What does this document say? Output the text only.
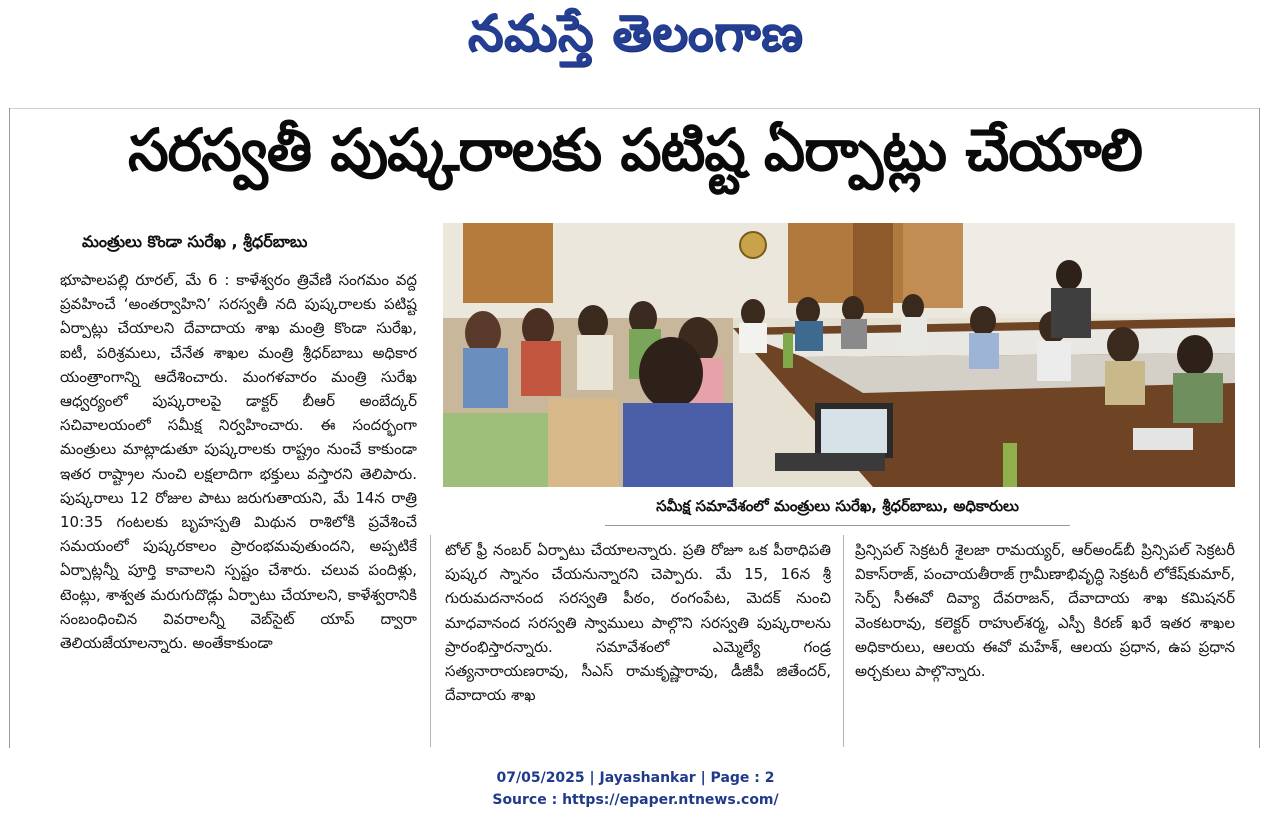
నమస్తే తెలంగాణ
సరస్వతీ పుష్కరాలకు పటిష్ట ఏర్పాట్లు చేయాలి
మంత్రులు కొండా సురేఖ , శ్రీధర్‌బాబు
భూపాలపల్లి రూరల్‌, మే 6 : కాళేశ్వరం త్రివేణి సంగమం వద్ద ప్రవహించే ‘అంతర్వాహిని’ సరస్వతీ నది పుష్కరాలకు పటిష్ట ఏర్పాట్లు చేయాలని దేవాదాయ శాఖ మంత్రి కొండా సురేఖ, ఐటీ, పరిశ్రమలు, చేనేత శాఖల మంత్రి శ్రీధర్‌బాబు అధికార యంత్రాంగాన్ని ఆదేశించారు. మంగళవారం మంత్రి సురేఖ ఆధ్వర్యంలో పుష్కరాలపై డాక్టర్‌ బీఆర్‌ అంబేద్కర్‌ సచివాలయంలో సమీక్ష నిర్వహించారు. ఈ సందర్భంగా మంత్రులు మాట్లాడుతూ పుష్కరాలకు రాష్ట్రం నుంచే కాకుండా ఇతర రాష్ట్రాల నుంచి లక్షలాదిగా భక్తులు వస్తారని తెలిపారు. పుష్కరాలు 12 రోజుల పాటు జరుగుతాయని, మే 14న రాత్రి 10:35 గంటలకు బృహస్పతి మిథున రాశిలోకి ప్రవేశించే సమయంలో పుష్కరకాలం ప్రారంభమవుతుందని, అప్పటికే ఏర్పాట్లన్నీ పూర్తి కావాలని స్పష్టం చేశారు. చలువ పందిళ్లు, టెంట్లు, శాశ్వత మరుగుదొడ్లు ఏర్పాటు చేయాలని, కాళేశ్వరానికి సంబంధించిన వివరాలన్నీ వెబ్‌సైట్‌ యాప్‌ ద్వారా తెలియజేయాలన్నారు. అంతేకాకుండా
సమీక్ష సమావేశంలో మంత్రులు సురేఖ, శ్రీధర్‌బాబు, అధికారులు
టోల్‌ ఫ్రీ నంబర్‌ ఏర్పాటు చేయాలన్నారు. ప్రతి రోజూ ఒక పీఠాధిపతి పుష్కర స్నానం చేయనున్నారని చెప్పారు. మే 15, 16న శ్రీ గురుమదనానంద సరస్వతి పీఠం, రంగంపేట, మెదక్‌ నుంచి మాధవానంద సరస్వతి స్వాములు పాల్గొని సరస్వతి పుష్కరాలను ప్రారంభిస్తారన్నారు. సమావేశంలో ఎమ్మెల్యే గండ్ర సత్యనారాయణరావు, సీఎస్‌ రామకృష్ణారావు, డీజీపీ జితేందర్‌, దేవాదాయ శాఖ
ప్రిన్సిపల్‌ సెక్రటరీ శైలజా రామయ్యర్‌, ఆర్‌అండ్‌బీ ప్రిన్సిపల్‌ సెక్రటరీ వికాస్‌రాజ్‌, పంచాయతీరాజ్‌ గ్రామీణాభివృద్ధి సెక్రటరీ లోకేష్‌కుమార్‌, సెర్ప్‌ సీఈవో దివ్యా దేవరాజన్‌, దేవాదాయ శాఖ కమిషనర్‌ వెంకటరావు, కలెక్టర్‌ రాహుల్‌శర్మ, ఎస్పీ కిరణ్‌ ఖరే ఇతర శాఖల అధికారులు, ఆలయ ఈవో మహేశ్‌, ఆలయ ప్రధాన, ఉప ప్రధాన అర్చకులు పాల్గొన్నారు.
07/05/2025 | Jayashankar | Page : 2
Source : https://epaper.ntnews.com/
